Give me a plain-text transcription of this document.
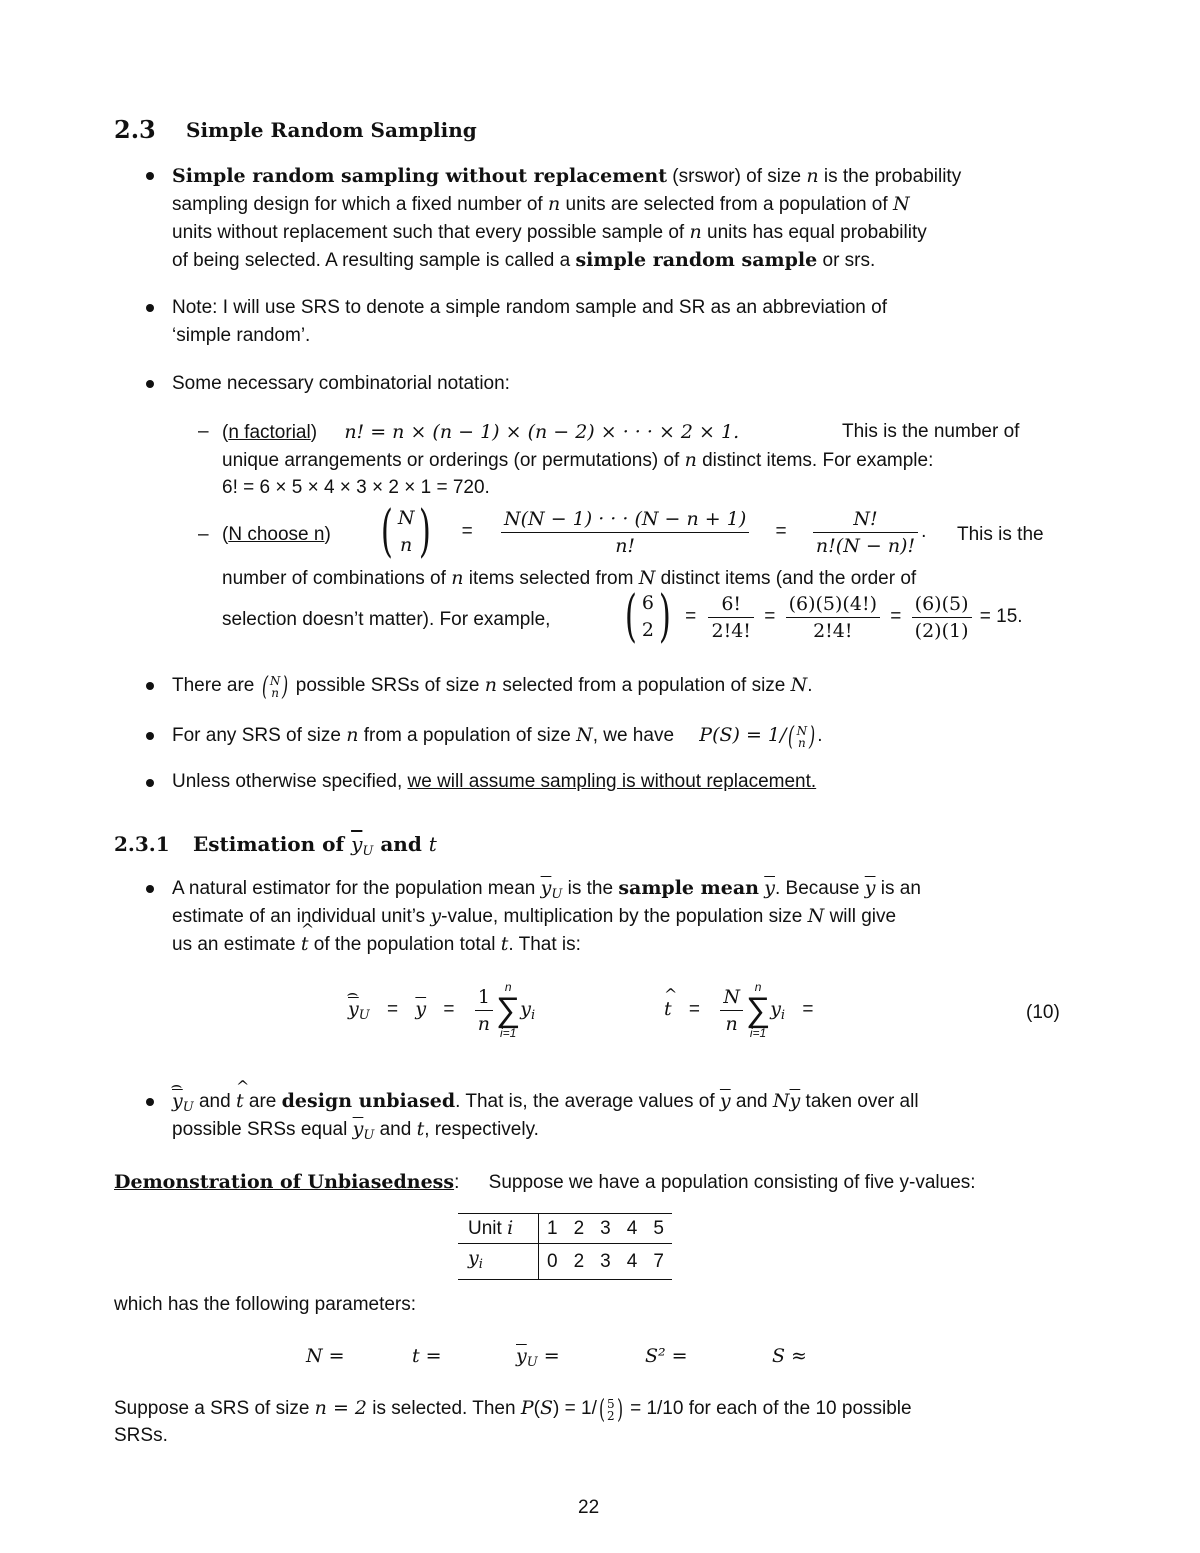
2.3 Simple Random Sampling
Simple random sampling without replacement (srswor) of size n is the probability
sampling design for which a fixed number of n units are selected from a population of N
units without replacement such that every possible sample of n units has equal probability
of being selected. A resulting sample is called a simple random sample or srs.
Note: I will use SRS to denote a simple random sample and SR as an abbreviation of
‘simple random’.
Some necessary combinatorial notation:
– (n factorial) n! = n × (n − 1) × (n − 2) × · · · × 2 × 1.	This is the number of
unique arrangements or orderings (or permutations) of n distinct items. For example:
6! = 6 × 5 × 4 × 3 × 2 × 1 = 720.
– (N choose n) ( N
n ) = $\frac{N(N - 1) \cdot \cdot \cdot (N - n + 1)}{n!} = \frac{N!}{n!(N - n)!}$ . This is the
number of combinations of n items selected from N distinct items (and the order of
selection doesn’t matter). For example, ( 6
$2) = \frac{6!}{2!4!} = \frac{(6)(5)(4!)}{2!4!} = \frac{(6)(5)}{(2)(1)} = 15$.
There are ( N
n ) possible SRSs of size n selected from a population of size N.
For any SRS of size n from a population of size N, we have P(S) = 1/( N
n ) .
Unless otherwise specified, we will assume sampling is without replacement.
2.3.1 Estimation of $\overline{y}_U$ and t
A natural estimator for the population mean $\overline{y}_U$ is the sample mean $\overline{y}$. Because $\overline{y}$ is an
estimate of an individual unit’s y-value, multiplication by the population size N will give
us an estimate ^ t of the population total t. That is:
⌢ $\overline{y}_U = \overline{y} = \frac{1}{n}$ n
∑
i=1
$y_i$	^ $t = \frac{N}{n}$ n
∑
i=1
$y_i$ =	(10)
⌢ $\overline{y}_U$ and ^ t are design unbiased. That is, the average values of $\overline{y}$ and $N\overline{y}$ taken over all
possible SRSs equal $\overline{y}_U$ and t, respectively.
Demonstration of Unbiasedness: Suppose we have a population consisting of five y-values:
Unit i	1	2	3	4	5
$y_i$	0	2	3	4	7
which has the following parameters:
N =	t =	$\overline{y}_U$ =	S² =	S ≈
Suppose a SRS of size n = 2 is selected. Then P(S) = 1/( 5
2) = 1/10 for each of the 10 possible
SRSs.
22
